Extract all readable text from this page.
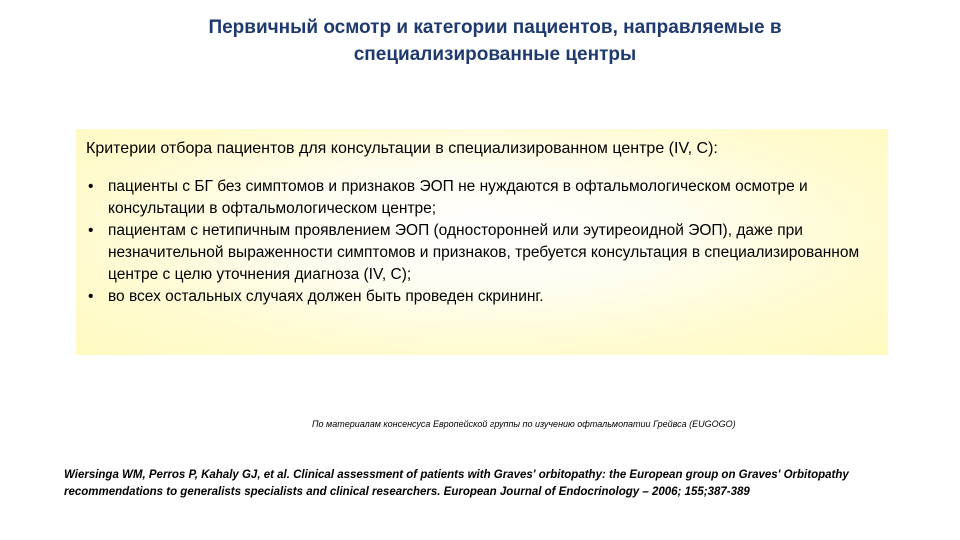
Первичный осмотр и категории пациентов, направляемые в
специализированные центры

Критерии отбора пациентов для консультации в специализированном центре (IV, C):

• пациенты с БГ без симптомов и признаков ЭОП не нуждаются в офтальмологическом осмотре и консультации в офтальмологическом центре;
• пациентам с нетипичным проявлением ЭОП (односторонней или эутиреоидной ЭОП), даже при незначительной выраженности симптомов и признаков, требуется консультация в специализированном центре с целю уточнения диагноза (IV, C);
• во всех остальных случаях должен быть проведен скрининг.
По материалам консенсуса Европейской группы по изучению офтальмопатии Грейвса (EUGOGO)
Wiersinga WM, Perros P, Kahaly GJ, et al. Clinical assessment of patients with Graves' orbitopathy: the European group on Graves' Orbitopathy
recommendations to generalists specialists and clinical researchers. European Journal of Endocrinology – 2006; 155;387-389
